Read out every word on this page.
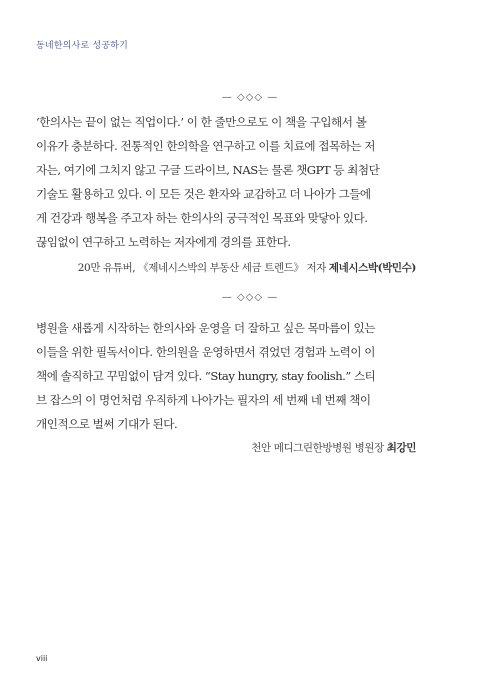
동네한의사로 성공하기
— ◇◇◇ —
‘한의사는 끝이 없는 직업이다.’ 이 한 줄만으로도 이 책을 구입해서 볼
이유가 충분하다. 전통적인 한의학을 연구하고 이를 치료에 접목하는 저
자는, 여기에 그치지 않고 구글 드라이브, NAS는 물론 챗GPT 등 최첨단
기술도 활용하고 있다. 이 모든 것은 환자와 교감하고 더 나아가 그들에
게 건강과 행복을 주고자 하는 한의사의 궁극적인 목표와 맞닿아 있다.
끊임없이 연구하고 노력하는 저자에게 경의를 표한다.
20만 유튜버, 《제네시스박의 부동산 세금 트렌드》 저자 제네시스박(박민수)
— ◇◇◇ —
병원을 새롭게 시작하는 한의사와 운영을 더 잘하고 싶은 목마름이 있는
이들을 위한 필독서이다. 한의원을 운영하면서 겪었던 경험과 노력이 이
책에 솔직하고 꾸밈없이 담겨 있다. “Stay hungry, stay foolish.” 스티
브 잡스의 이 명언처럼 우직하게 나아가는 필자의 세 번째 네 번째 책이
개인적으로 벌써 기대가 된다.
천안 메디그린한방병원 병원장 최강민
viii
